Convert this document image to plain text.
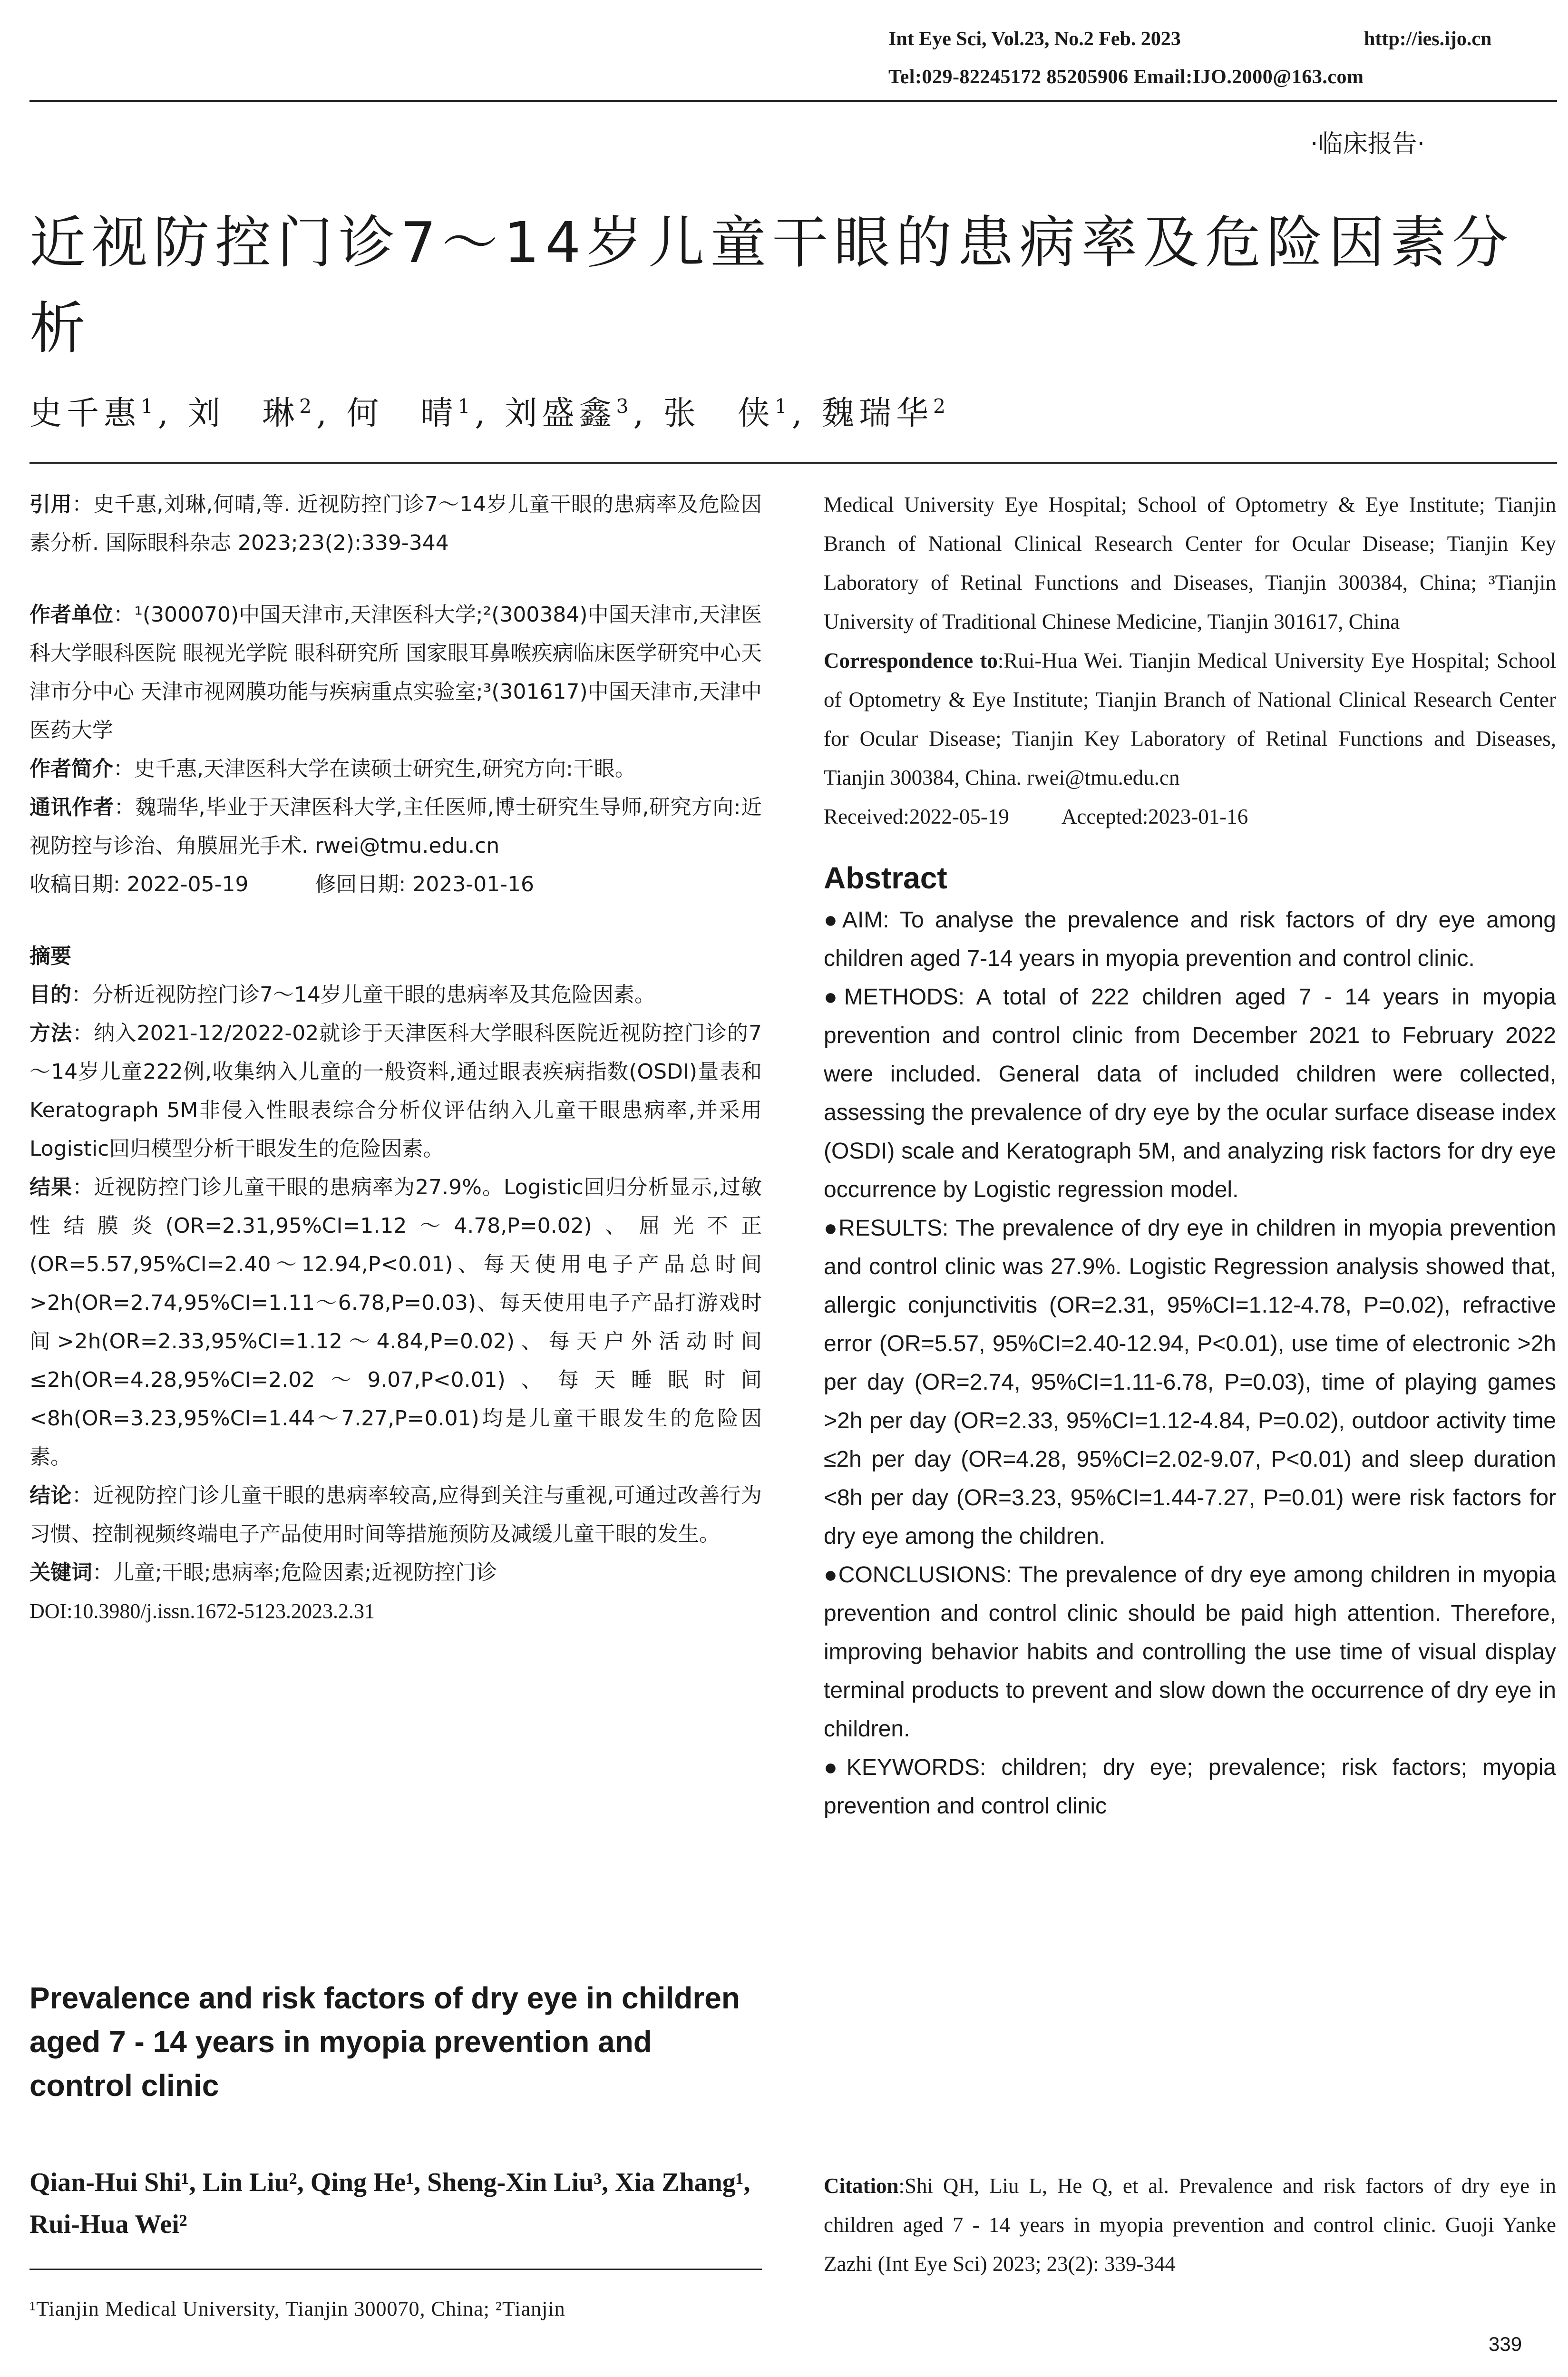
Int Eye Sci, Vol.23, No.2 Feb. 2023	http://ies.ijo.cn
Tel:029-82245172 85205906 Email:IJO.2000@163.com
·临床报告·
近视防控门诊7～14岁儿童干眼的患病率及危险因素分析
史千惠$^1$, 刘　琳$^2$, 何　晴$^1$, 刘盛鑫$^3$, 张　侠$^1$, 魏瑞华$^2$

引用：史千惠,刘琳,何晴,等. 近视防控门诊7～14岁儿童干眼的患病率及危险因素分析. 国际眼科杂志 2023;23(2):339-344

作者单位：¹(300070)中国天津市,天津医科大学;²(300384)中国天津市,天津医科大学眼科医院 眼视光学院 眼科研究所 国家眼耳鼻喉疾病临床医学研究中心天津市分中心 天津市视网膜功能与疾病重点实验室;³(301617)中国天津市,天津中医药大学

作者简介：史千惠,天津医科大学在读硕士研究生,研究方向:干眼。

通讯作者：魏瑞华,毕业于天津医科大学,主任医师,博士研究生导师,研究方向:近视防控与诊治、角膜屈光手术. rwei@tmu.edu.cn

收稿日期: 2022-05-19	修回日期: 2023-01-16

摘要

目的：分析近视防控门诊7～14岁儿童干眼的患病率及其危险因素。

方法：纳入2021-12/2022-02就诊于天津医科大学眼科医院近视防控门诊的7～14岁儿童222例,收集纳入儿童的一般资料,通过眼表疾病指数(OSDI)量表和Keratograph 5M非侵入性眼表综合分析仪评估纳入儿童干眼患病率,并采用Logistic回归模型分析干眼发生的危险因素。

结果：近视防控门诊儿童干眼的患病率为27.9%。Logistic回归分析显示,过敏性结膜炎(OR=2.31,95%CI=1.12～4.78,P=0.02)、屈光不正(OR=5.57,95%CI=2.40～12.94,P<0.01)、每天使用电子产品总时间>2h(OR=2.74,95%CI=1.11～6.78,P=0.03)、每天使用电子产品打游戏时间>2h(OR=2.33,95%CI=1.12～4.84,P=0.02)、每天户外活动时间≤2h(OR=4.28,95%CI=2.02～9.07,P<0.01)、每天睡眠时间<8h(OR=3.23,95%CI=1.44～7.27,P=0.01)均是儿童干眼发生的危险因素。

结论：近视防控门诊儿童干眼的患病率较高,应得到关注与重视,可通过改善行为习惯、控制视频终端电子产品使用时间等措施预防及减缓儿童干眼的发生。

关键词：儿童;干眼;患病率;危险因素;近视防控门诊

DOI:10.3980/j.issn.1672-5123.2023.2.31

Prevalence and risk factors of dry eye in children aged 7 - 14 years in myopia prevention and control clinic
Qian-Hui Shi¹, Lin Liu², Qing He¹, Sheng-Xin Liu³, Xia Zhang¹, Rui-Hua Wei²
¹Tianjin Medical University, Tianjin 300070, China; ²Tianjin

Medical University Eye Hospital; School of Optometry & Eye Institute; Tianjin Branch of National Clinical Research Center for Ocular Disease; Tianjin Key Laboratory of Retinal Functions and Diseases, Tianjin 300384, China; ³Tianjin University of Traditional Chinese Medicine, Tianjin 301617, China

Correspondence to:Rui-Hua Wei. Tianjin Medical University Eye Hospital; School of Optometry & Eye Institute; Tianjin Branch of National Clinical Research Center for Ocular Disease; Tianjin Key Laboratory of Retinal Functions and Diseases, Tianjin 300384, China. rwei@tmu.edu.cn

Received:2022-05-19 Accepted:2023-01-16

Abstract

●AIM: To analyse the prevalence and risk factors of dry eye among children aged 7-14 years in myopia prevention and control clinic.

●METHODS: A total of 222 children aged 7 - 14 years in myopia prevention and control clinic from December 2021 to February 2022 were included. General data of included children were collected, assessing the prevalence of dry eye by the ocular surface disease index (OSDI) scale and Keratograph 5M, and analyzing risk factors for dry eye occurrence by Logistic regression model.

●RESULTS: The prevalence of dry eye in children in myopia prevention and control clinic was 27.9%. Logistic Regression analysis showed that, allergic conjunctivitis (OR=2.31, 95%CI=1.12-4.78, P=0.02), refractive error (OR=5.57, 95%CI=2.40-12.94, P<0.01), use time of electronic >2h per day (OR=2.74, 95%CI=1.11-6.78, P=0.03), time of playing games >2h per day (OR=2.33, 95%CI=1.12-4.84, P=0.02), outdoor activity time ≤2h per day (OR=4.28, 95%CI=2.02-9.07, P<0.01) and sleep duration <8h per day (OR=3.23, 95%CI=1.44-7.27, P=0.01) were risk factors for dry eye among the children.

●CONCLUSIONS: The prevalence of dry eye among children in myopia prevention and control clinic should be paid high attention. Therefore, improving behavior habits and controlling the use time of visual display terminal products to prevent and slow down the occurrence of dry eye in children.

●KEYWORDS: children; dry eye; prevalence; risk factors; myopia prevention and control clinic

Citation:Shi QH, Liu L, He Q, et al. Prevalence and risk factors of dry eye in children aged 7 - 14 years in myopia prevention and control clinic. Guoji Yanke Zazhi (Int Eye Sci) 2023; 23(2): 339-344

339
